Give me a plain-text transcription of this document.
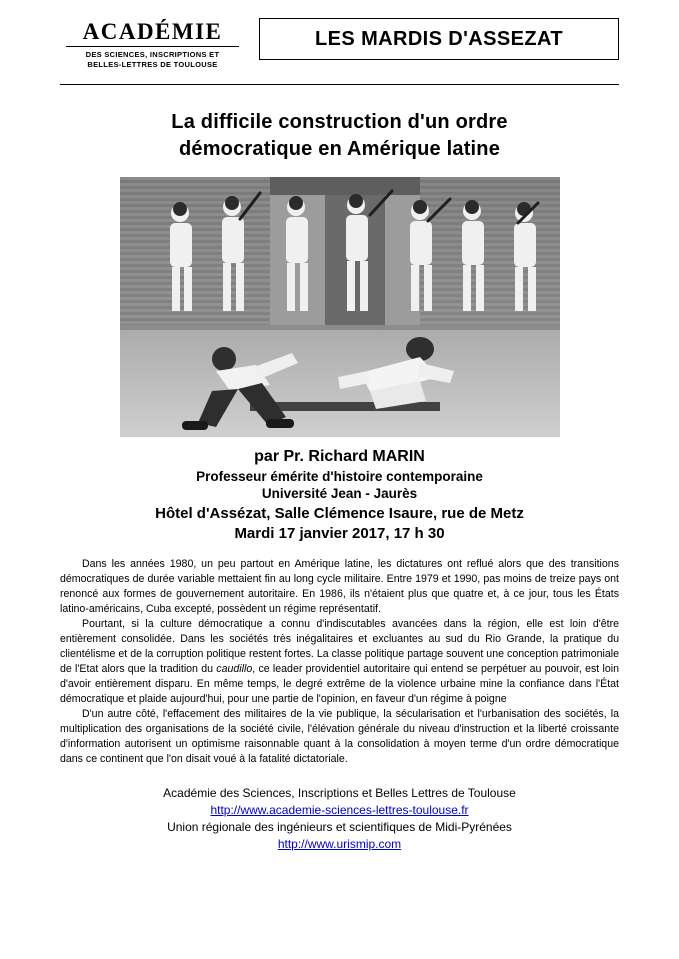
ACADÉMIE
DES SCIENCES, INSCRIPTIONS ET
BELLES-LETTRES DE TOULOUSE
LES MARDIS D'ASSEZAT
La difficile construction d'un ordre
démocratique en Amérique latine
par Pr. Richard MARIN
Professeur émérite d'histoire contemporaine
Université Jean - Jaurès
Hôtel d'Assézat, Salle Clémence Isaure, rue de Metz
Mardi 17 janvier 2017, 17 h 30

Dans les années 1980, un peu partout en Amérique latine, les dictatures ont reflué alors que des transitions démocratiques de durée variable mettaient fin au long cycle militaire. Entre 1979 et 1990, pas moins de treize pays ont renoncé aux formes de gouvernement autoritaire. En 1986, ils n'étaient plus que quatre et, à ce jour, tous les États latino-américains, Cuba excepté, possèdent un régime représentatif.

Pourtant, si la culture démocratique a connu d'indiscutables avancées dans la région, elle est loin d'être entièrement consolidée. Dans les sociétés très inégalitaires et excluantes au sud du Rio Grande, la pratique du clientélisme et de la corruption politique restent fortes. La classe politique partage souvent une conception patrimoniale de l'Etat alors que la tradition du caudillo, ce leader providentiel autoritaire qui entend se perpétuer au pouvoir, est loin d'avoir entièrement disparu. En même temps, le degré extrême de la violence urbaine mine la confiance dans l'État démocratique et plaide aujourd'hui, pour une partie de l'opinion, en faveur d'un régime à poigne

D'un autre côté, l'effacement des militaires de la vie publique, la sécularisation et l'urbanisation des sociétés, la multiplication des organisations de la société civile, l'élévation générale du niveau d'instruction et la liberté croissante d'information autorisent un optimisme raisonnable quant à la consolidation à moyen terme d'un ordre démocratique dans ce continent que l'on disait voué à la fatalité dictatoriale.

Académie des Sciences, Inscriptions et Belles Lettres de Toulouse
http://www.academie-sciences-lettres-toulouse.fr
Union régionale des ingénieurs et scientifiques de Midi-Pyrénées
http://www.urismip.com
